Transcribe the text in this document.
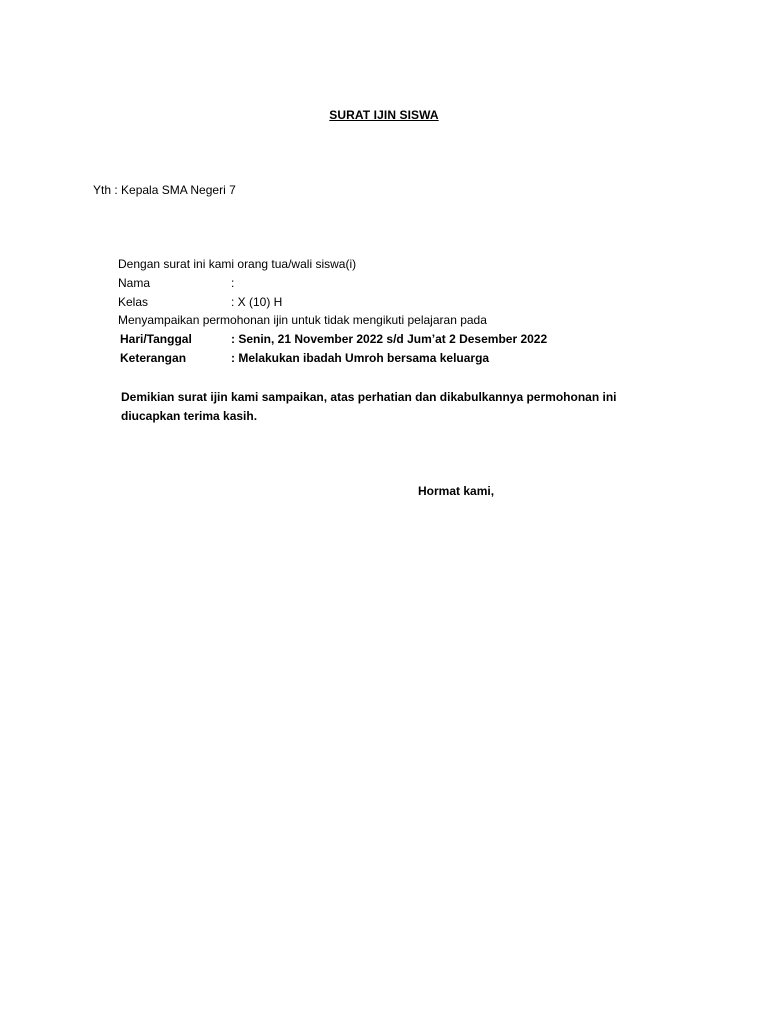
SURAT IJIN SISWA
Yth : Kepala SMA Negeri 7
Dengan surat ini kami orang tua/wali siswa(i)
Nama	:
Kelas	: X (10) H
Menyampaikan permohonan ijin untuk tidak mengikuti pelajaran pada
Hari/Tanggal	: Senin, 21 November 2022 s/d Jum’at 2 Desember 2022
Keterangan	: Melakukan ibadah Umroh bersama keluarga
Demikian surat ijin kami sampaikan, atas perhatian dan dikabulkannya permohonan ini
diucapkan terima kasih.
Hormat kami,
